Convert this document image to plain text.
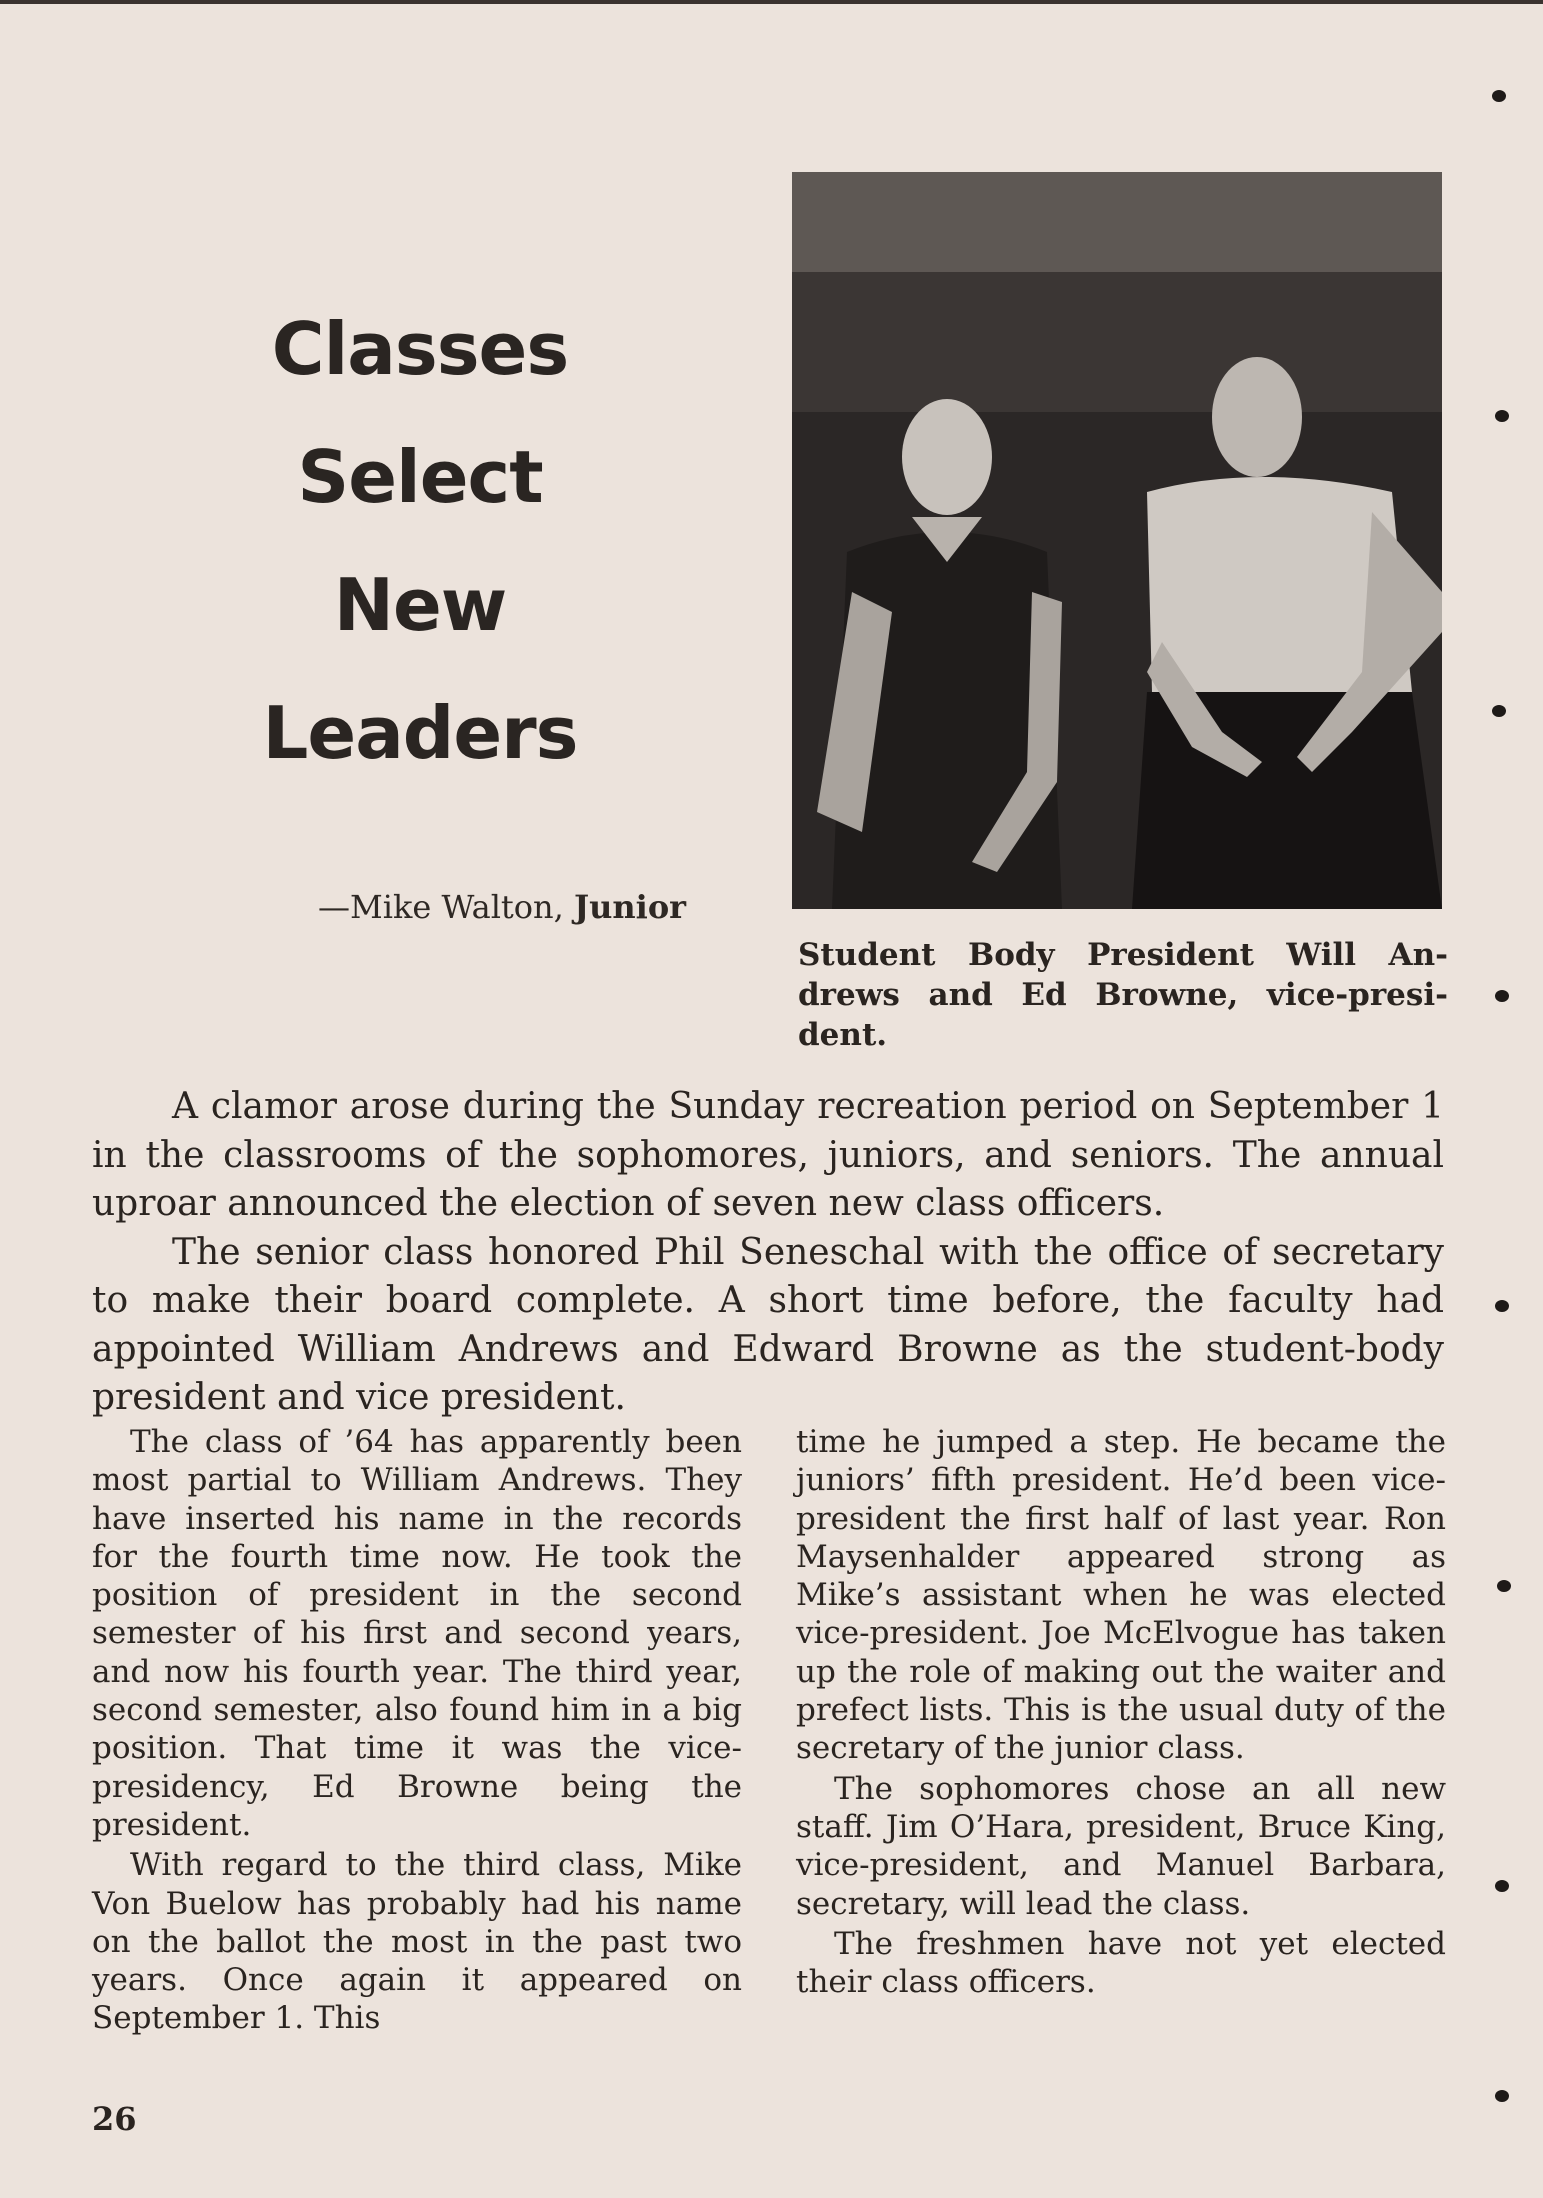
Classes
Select
New
Leaders
—Mike Walton, Junior
Student Body President Will An-
drews and Ed Browne, vice-presi-
dent.

A clamor arose during the Sunday recreation period on September 1 in the classrooms of the sophomores, juniors, and seniors. The annual uproar announced the election of seven new class officers.

The senior class honored Phil Seneschal with the office of secretary to make their board complete. A short time before, the faculty had appointed William Andrews and Edward Browne as the student-body president and vice president.

The class of ’64 has apparently been most partial to William Andrews. They have inserted his name in the records for the fourth time now. He took the position of president in the second semester of his first and second years, and now his fourth year. The third year, second semester, also found him in a big position. That time it was the vice-presidency, Ed Browne being the president.

With regard to the third class, Mike Von Buelow has probably had his name on the ballot the most in the past two years. Once again it appeared on September 1. This

time he jumped a step. He became the juniors’ fifth president. He’d been vice-president the first half of last year. Ron Maysenhalder appeared strong as Mike’s assistant when he was elected vice-president. Joe McElvogue has taken up the role of making out the waiter and prefect lists. This is the usual duty of the secretary of the junior class.

The sophomores chose an all new staff. Jim O’Hara, president, Bruce King, vice-president, and Manuel Barbara, secretary, will lead the class.

The freshmen have not yet elected their class officers.

26
